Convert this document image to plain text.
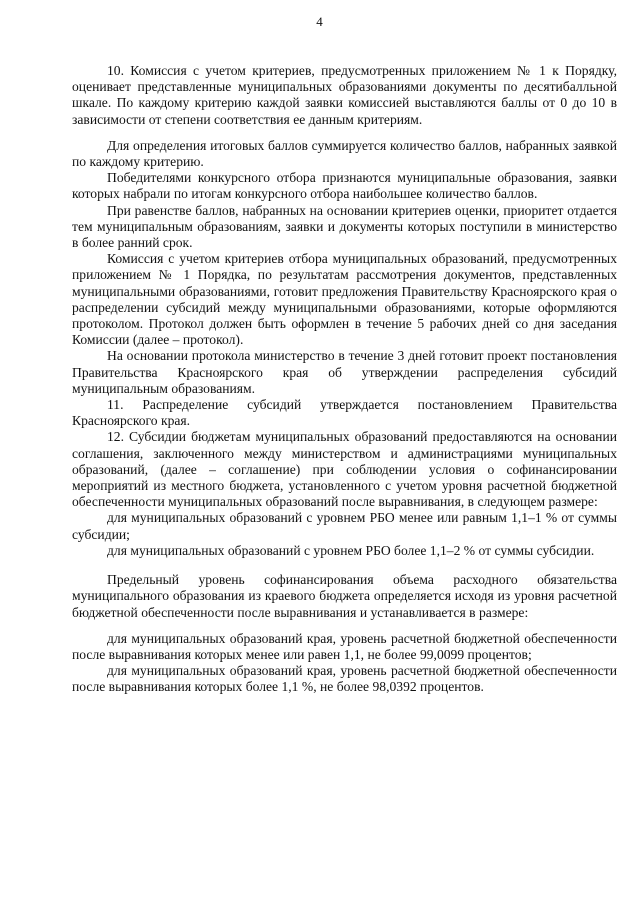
4

10. Комиссия с учетом критериев, предусмотренных приложением № 1 к Порядку, оценивает представленные муниципальных образованиями документы по десятибалльной шкале. По каждому критерию каждой заявки комиссией выставляются баллы от 0 до 10 в зависимости от степени соответствия ее данным критериям.

Для определения итоговых баллов суммируется количество баллов, набранных заявкой по каждому критерию.

Победителями конкурсного отбора признаются муниципальные образования, заявки которых набрали по итогам конкурсного отбора наибольшее количество баллов.

При равенстве баллов, набранных на основании критериев оценки, приоритет отдается тем муниципальным образованиям, заявки и документы которых поступили в министерство в более ранний срок.

Комиссия с учетом критериев отбора муниципальных образований, предусмотренных приложением № 1 Порядка, по результатам рассмотрения документов, представленных муниципальными образованиями, готовит предложения Правительству Красноярского края о распределении субсидий между муниципальными образованиями, которые оформляются протоколом. Протокол должен быть оформлен в течение 5 рабочих дней со дня заседания Комиссии (далее – протокол).

На основании протокола министерство в течение 3 дней готовит проект постановления Правительства Красноярского края об утверждении распределения субсидий муниципальным образованиям.

11. Распределение субсидий утверждается постановлением Правительства Красноярского края.

12. Субсидии бюджетам муниципальных образований предоставляются на основании соглашения, заключенного между министерством и администрациями муниципальных образований, (далее – соглашение) при соблюдении условия о софинансировании мероприятий из местного бюджета, установленного с учетом уровня расчетной бюджетной обеспеченности муниципальных образований после выравнивания, в следующем размере:

для муниципальных образований с уровнем РБО менее или равным 1,1–1 % от суммы субсидии;

для муниципальных образований с уровнем РБО более 1,1–2 % от суммы субсидии.

Предельный уровень софинансирования объема расходного обязательства муниципального образования из краевого бюджета определяется исходя из уровня расчетной бюджетной обеспеченности после выравнивания и устанавливается в размере:

для муниципальных образований края, уровень расчетной бюджетной обеспеченности после выравнивания которых менее или равен 1,1, не более 99,0099 процентов;

для муниципальных образований края, уровень расчетной бюджетной обеспеченности после выравнивания которых более 1,1 %, не более 98,0392 процентов.
